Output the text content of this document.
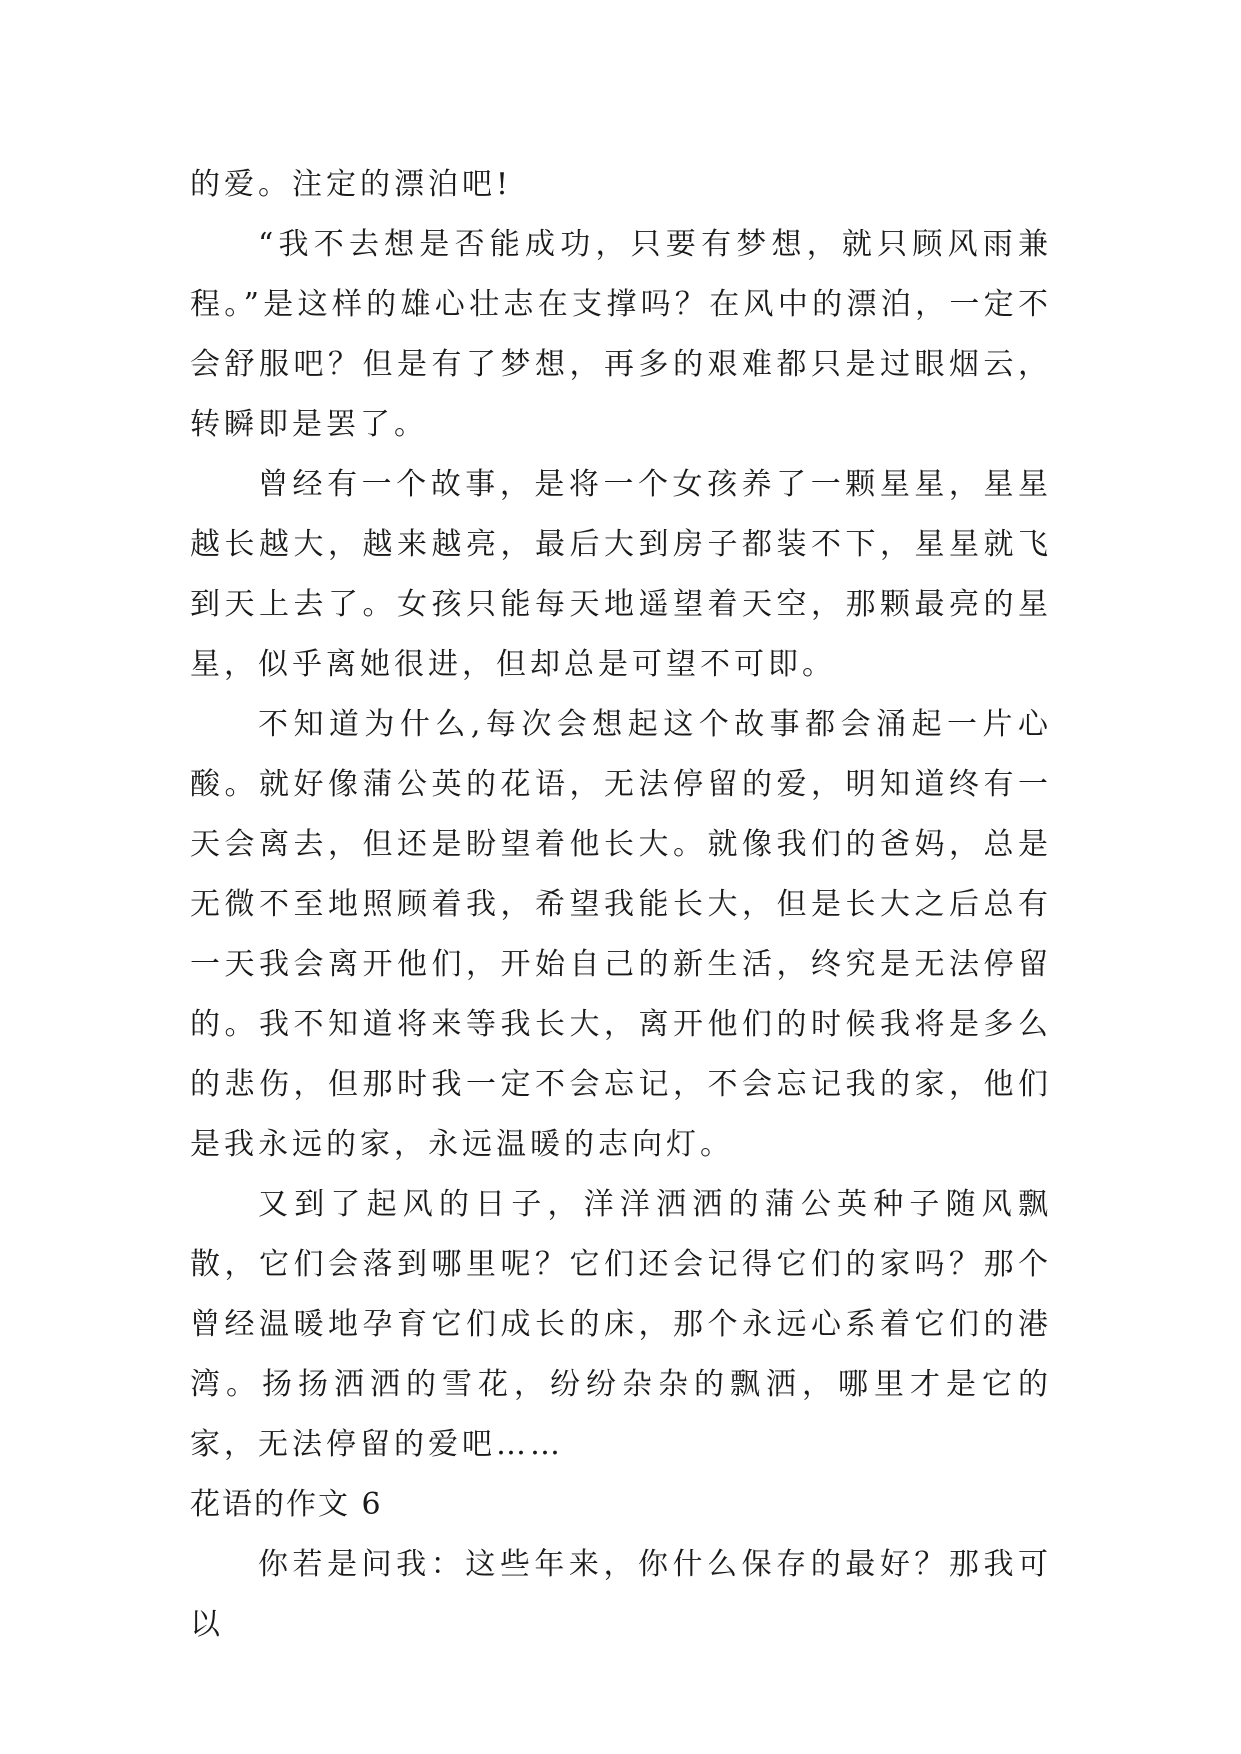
的爱。注定的漂泊吧!

“我不去想是否能成功，只要有梦想，就只顾风雨兼程。”是这样的雄心壮志在支撑吗？在风中的漂泊，一定不会舒服吧？但是有了梦想，再多的艰难都只是过眼烟云，转瞬即是罢了。

曾经有一个故事，是将一个女孩养了一颗星星，星星越长越大，越来越亮，最后大到房子都装不下，星星就飞到天上去了。女孩只能每天地遥望着天空，那颗最亮的星星，似乎离她很进，但却总是可望不可即。

不知道为什么,每次会想起这个故事都会涌起一片心酸。就好像蒲公英的花语，无法停留的爱，明知道终有一天会离去，但还是盼望着他长大。就像我们的爸妈，总是无微不至地照顾着我，希望我能长大，但是长大之后总有一天我会离开他们，开始自己的新生活，终究是无法停留的。我不知道将来等我长大，离开他们的时候我将是多么的悲伤，但那时我一定不会忘记，不会忘记我的家，他们是我永远的家，永远温暖的志向灯。

又到了起风的日子，洋洋洒洒的蒲公英种子随风飘散，它们会落到哪里呢？它们还会记得它们的家吗？那个曾经温暖地孕育它们成长的床，那个永远心系着它们的港湾。扬扬洒洒的雪花，纷纷杂杂的飘洒，哪里才是它的家，无法停留的爱吧……

花语的作文 6

你若是问我：这些年来，你什么保存的最好？那我可以
